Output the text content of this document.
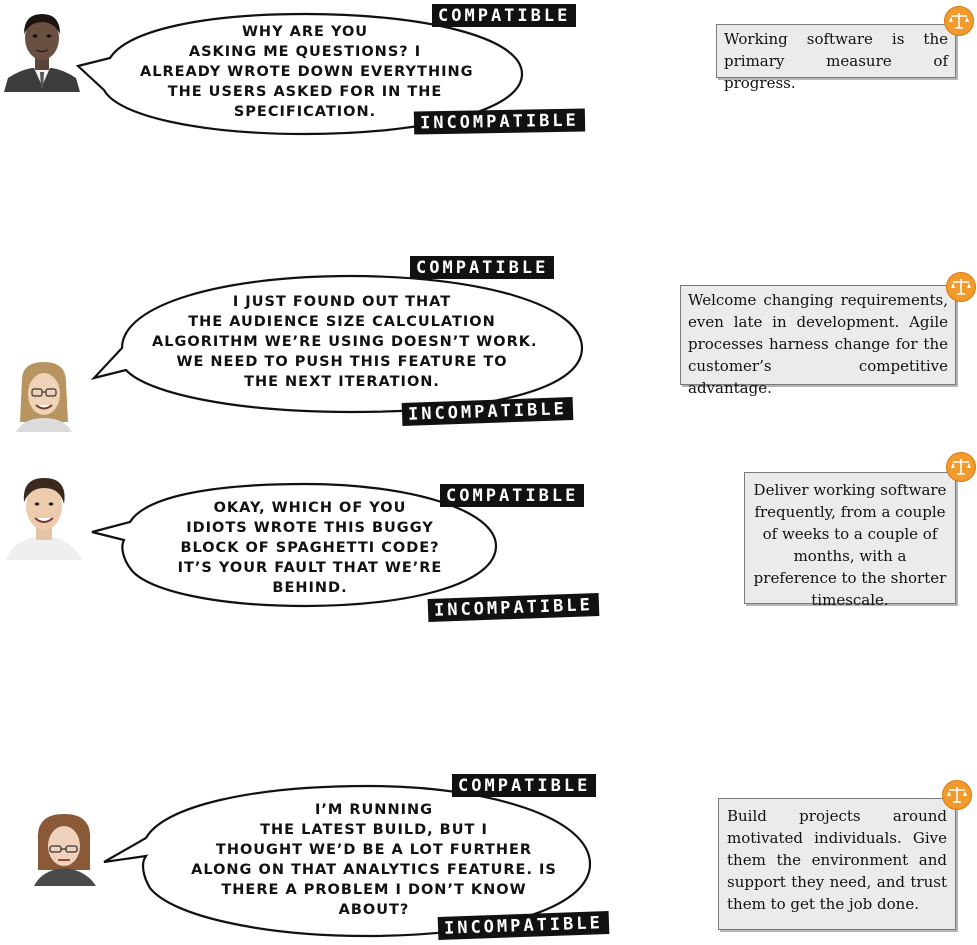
WHY ARE YOU
ASKING ME QUESTIONS? I
ALREADY WROTE DOWN EVERYTHING
THE USERS ASKED FOR IN THE
SPECIFICATION.
COMPATIBLE
INCOMPATIBLE
Working software is the primary measure of progress.
I JUST FOUND OUT THAT
THE AUDIENCE SIZE CALCULATION
ALGORITHM WE’RE USING DOESN’T WORK.
WE NEED TO PUSH THIS FEATURE TO
THE NEXT ITERATION.
COMPATIBLE
INCOMPATIBLE
Welcome changing requirements, even late in development. Agile processes harness change for the customer’s competitive advantage.
OKAY, WHICH OF YOU
IDIOTS WROTE THIS BUGGY
BLOCK OF SPAGHETTI CODE?
IT’S YOUR FAULT THAT WE’RE
BEHIND.
COMPATIBLE
INCOMPATIBLE
Deliver working software frequently, from a couple of weeks to a couple of months, with a preference to the shorter timescale.
I’M RUNNING
THE LATEST BUILD, BUT I
THOUGHT WE’D BE A LOT FURTHER
ALONG ON THAT ANALYTICS FEATURE. IS
THERE A PROBLEM I DON’T KNOW
ABOUT?
COMPATIBLE
INCOMPATIBLE
Build projects around motivated individuals. Give them the environment and support they need, and trust them to get the job done.
